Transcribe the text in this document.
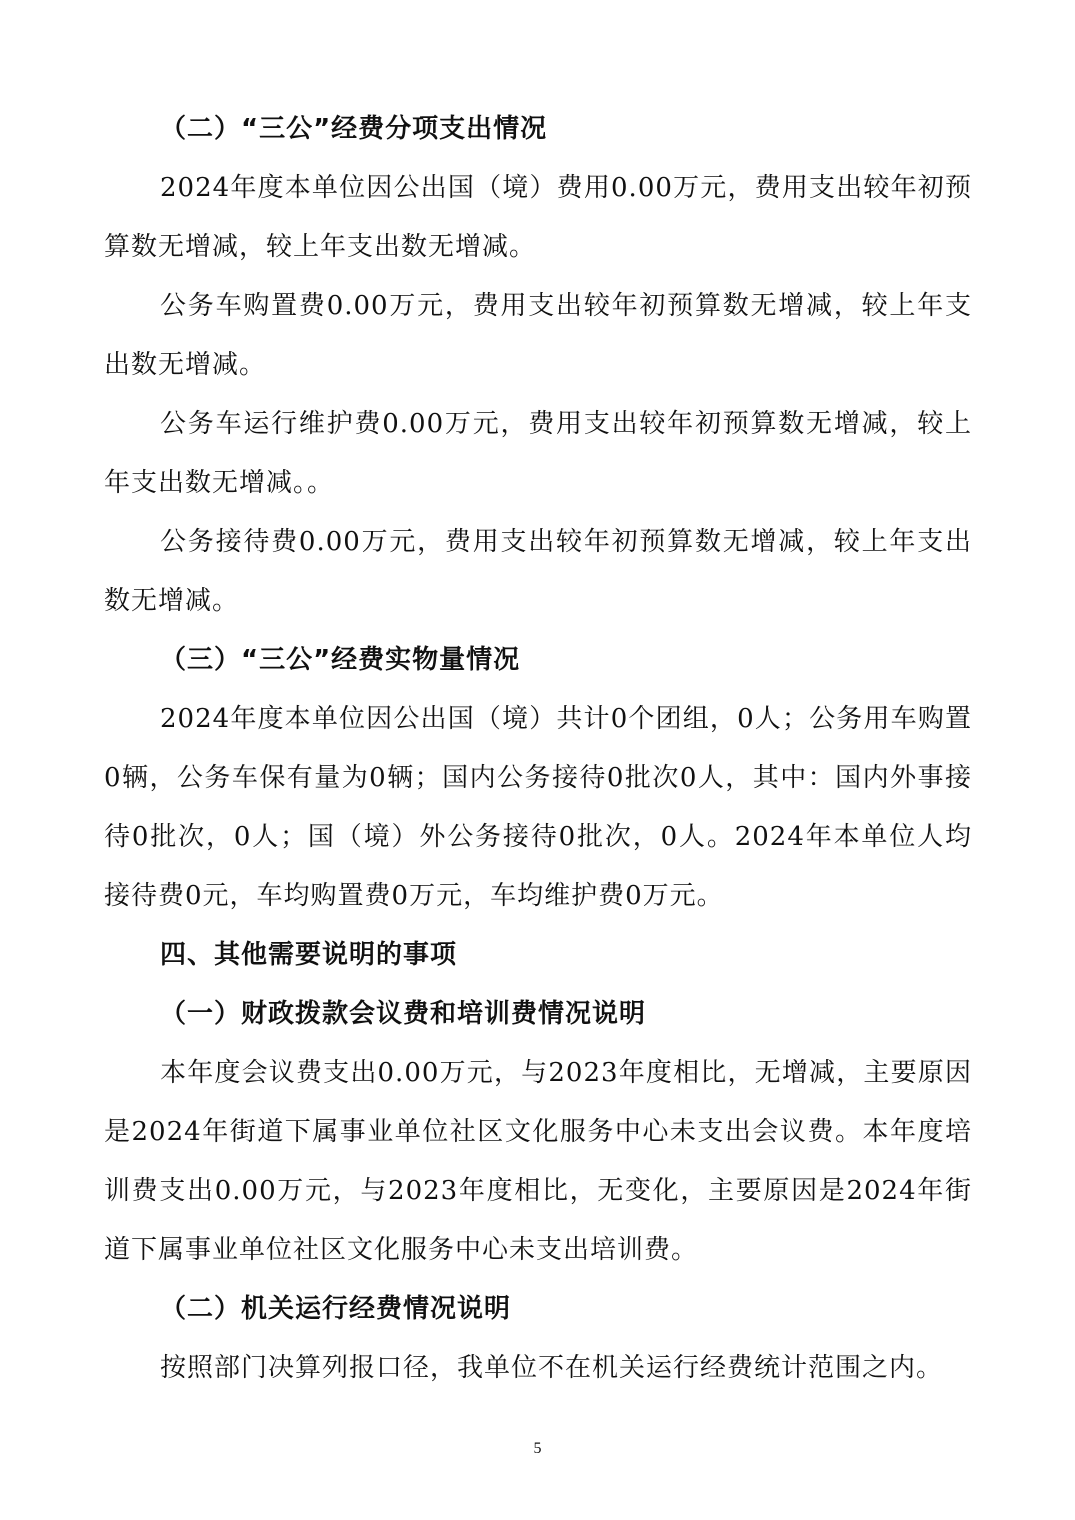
（二）“三公”经费分项支出情况

2024年度本单位因公出国（境）费用0.00万元，费用支出较年初预算数无增减，较上年支出数无增减。

公务车购置费0.00万元，费用支出较年初预算数无增减，较上年支出数无增减。

公务车运行维护费0.00万元，费用支出较年初预算数无增减，较上年支出数无增减。。

公务接待费0.00万元，费用支出较年初预算数无增减，较上年支出数无增减。

（三）“三公”经费实物量情况

2024年度本单位因公出国（境）共计0个团组，0人；公务用车购置0辆，公务车保有量为0辆；国内公务接待0批次0人，其中：国内外事接待0批次，0人；国（境）外公务接待0批次，0人。2024年本单位人均接待费0元，车均购置费0万元，车均维护费0万元。

四、其他需要说明的事项
（一）财政拨款会议费和培训费情况说明

本年度会议费支出0.00万元，与2023年度相比，无增减，主要原因是2024年街道下属事业单位社区文化服务中心未支出会议费。本年度培训费支出0.00万元，与2023年度相比，无变化，主要原因是2024年街道下属事业单位社区文化服务中心未支出培训费。

（二）机关运行经费情况说明

按照部门决算列报口径，我单位不在机关运行经费统计范围之内。

5
